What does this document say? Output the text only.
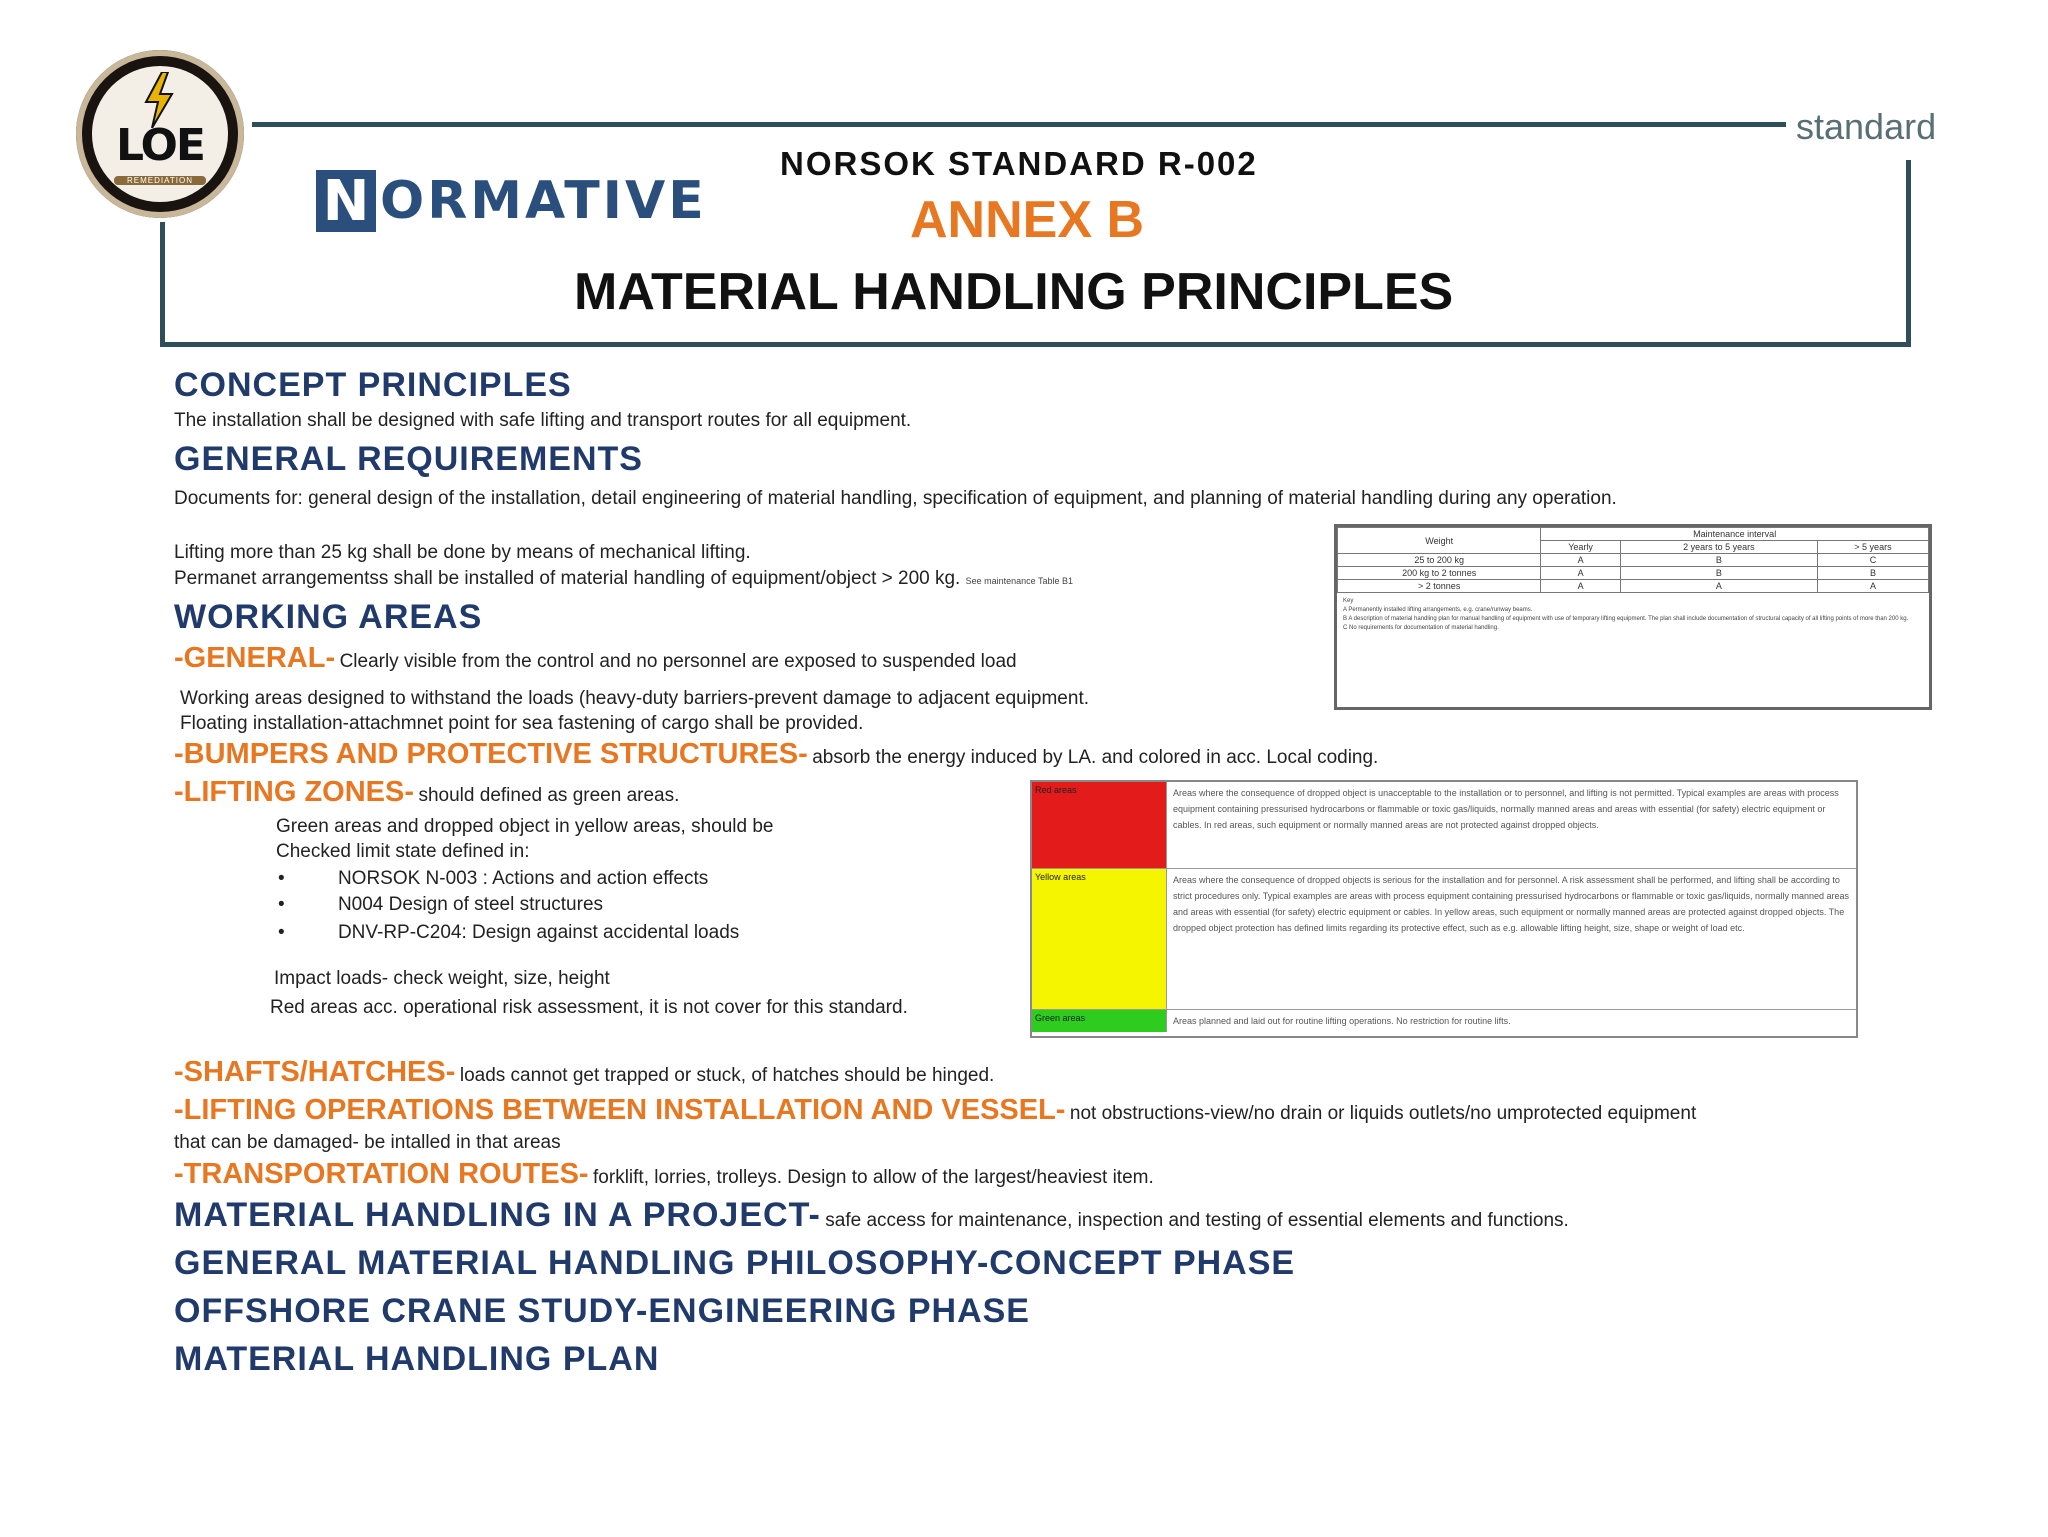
LOE
REMEDIATION
standard
N ORMATIVE
NORSOK STANDARD R-002
ANNEX B
MATERIAL HANDLING PRINCIPLES
CONCEPT PRINCIPLES
The installation shall be designed with safe lifting and transport routes for all equipment.
GENERAL REQUIREMENTS
Documents for: general design of the installation, detail engineering of material handling, specification of equipment, and planning of material handling during any operation.
Lifting more than 25 kg shall be done by means of mechanical lifting.
Permanet arrangementss shall be installed of material handling of equipment/object > 200 kg. See maintenance Table B1
Weight	Maintenance interval		
	Yearly	2 years to 5 years	> 5 years
25 to 200 kg	A	B	C
200 kg to 2 tonnes	A	B	B
> 2 tonnes	A	A	A
Key
A Permanently installed lifting arrangements, e.g. crane/runway beams.
B A description of material handling plan for manual handling of equipment with use of temporary lifting equipment. The plan shall include documentation of structural capacity of all lifting points of more than 200 kg.
C No requirements for documentation of material handling.
WORKING AREAS
-GENERAL- Clearly visible from the control and no personnel are exposed to suspended load
Working areas designed to withstand the loads (heavy-duty barriers-prevent damage to adjacent equipment.
Floating installation-attachmnet point for sea fastening of cargo shall be provided.
-BUMPERS AND PROTECTIVE STRUCTURES- absorb the energy induced by LA. and colored in acc. Local coding.
-LIFTING ZONES- should defined as green areas.
Green areas and dropped object in yellow areas, should be
Checked limit state defined in:
•	NORSOK N-003 : Actions and action effects
•	N004 Design of steel structures
•	DNV-RP-C204: Design against accidental loads
Impact loads- check weight, size, height
Red areas acc. operational risk assessment, it is not cover for this standard.
Red areas	Areas where the consequence of dropped object is unacceptable to the installation or to personnel, and lifting is not permitted. Typical examples are areas with process equipment containing pressurised hydrocarbons or flammable or toxic gas/liquids, normally manned areas and areas with essential (for safety) electric equipment or cables. In red areas, such equipment or normally manned areas are not protected against dropped objects.
Yellow areas	Areas where the consequence of dropped objects is serious for the installation and for personnel. A risk assessment shall be performed, and lifting shall be according to strict procedures only. Typical examples are areas with process equipment containing pressurised hydrocarbons or flammable or toxic gas/liquids, normally manned areas and areas with essential (for safety) electric equipment or cables. In yellow areas, such equipment or normally manned areas are protected against dropped objects. The dropped object protection has defined limits regarding its protective effect, such as e.g. allowable lifting height, size, shape or weight of load etc.
Green areas	Areas planned and laid out for routine lifting operations. No restriction for routine lifts.
-SHAFTS/HATCHES- loads cannot get trapped or stuck, of hatches should be hinged.
-LIFTING OPERATIONS BETWEEN INSTALLATION AND VESSEL- not obstructions-view/no drain or liquids outlets/no umprotected equipment
that can be damaged- be intalled in that areas
-TRANSPORTATION ROUTES- forklift, lorries, trolleys. Design to allow of the largest/heaviest item.
MATERIAL HANDLING IN A PROJECT- safe access for maintenance, inspection and testing of essential elements and functions.
GENERAL MATERIAL HANDLING PHILOSOPHY-CONCEPT PHASE
OFFSHORE CRANE STUDY-ENGINEERING PHASE
MATERIAL HANDLING PLAN
